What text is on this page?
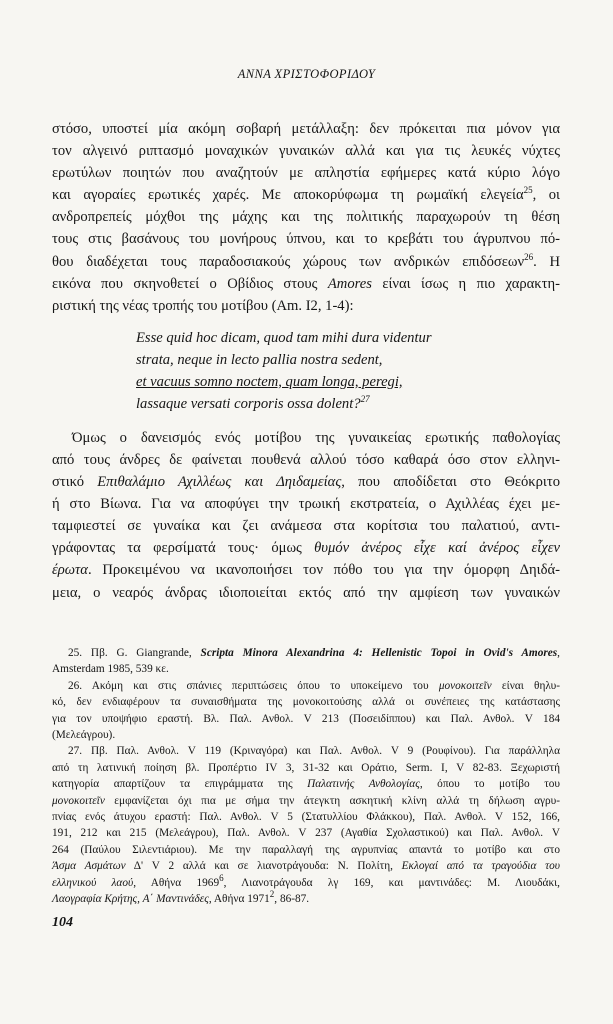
ΑΝΝΑ ΧΡΙΣΤΟΦΟΡΙΔΟΥ

στόσο, υποστεί μία ακόμη σοβαρή μετάλλαξη: δεν πρόκειται πια μόνον για
τον αλγεινό ριπτασμό μοναχικών γυναικών αλλά και για τις λευκές νύχτες
ερωτύλων ποιητών που αναζητούν με απληστία εφήμερες κατά κύριο λόγο
και αγοραίες ερωτικές χαρές. Με αποκορύφωμα τη ρωμαϊκή ελεγεία$^{25}$, οι
ανδροπρεπείς μόχθοι της μάχης και της πολιτικής παραχωρούν τη θέση
τους στις βασάνους του μονήρους ύπνου, και το κρεβάτι του άγρυπνου πό-
θου διαδέχεται τους παραδοσιακούς χώρους των ανδρικών επιδόσεων$^{26}$. Η
εικόνα που σκηνοθετεί ο Οβίδιος στους Amores είναι ίσως η πιο χαρακτη-
ριστική της νέας τροπής του μοτίβου (Am. I2, 1-4):

Esse quid hoc dicam, quod tam mihi dura videntur
strata, neque in lecto pallia nostra sedent,
et vacuus somno noctem, quam longa, peregi,
lassaque versati corporis ossa dolent?$^{27}$

Όμως ο δανεισμός ενός μοτίβου της γυναικείας ερωτικής παθολογίας
από τους άνδρες δε φαίνεται πουθενά αλλού τόσο καθαρά όσο στον ελληνι-
στικό Επιθαλάμιο Αχιλλέως και Δηιδαμείας, που αποδίδεται στο Θεόκριτο
ή στο Βίωνα. Για να αποφύγει την τρωική εκστρατεία, ο Αχιλλέας έχει με-
ταμφιεστεί σε γυναίκα και ζει ανάμεσα στα κορίτσια του παλατιού, αντι-
γράφοντας τα φερσίματά τους· όμως θυμόν ἀνέρος εἶχε καί ἀνέρος εἶχεν
έρωτα. Προκειμένου να ικανοποιήσει τον πόθο του για την όμορφη Δηιδά-
μεια, ο νεαρός άνδρας ιδιοποιείται εκτός από την αμφίεση των γυναικών

25. Πβ. G. Giangrande, Scripta Minora Alexandrina 4: Hellenistic Topoi in Ovid's Amores,
Amsterdam 1985, 539 κε.
26. Ακόμη και στις σπάνιες περιπτώσεις όπου το υποκείμενο του μονοκοιτεῖν είναι θηλυ-
κό, δεν ενδιαφέρουν τα συναισθήματα της μονοκοιτούσης αλλά οι συνέπειες της κατάστασης
για τον υποψήφιο εραστή. Βλ. Παλ. Ανθολ. V 213 (Ποσειδίππου) και Παλ. Ανθολ. V 184
(Μελεάγρου).
27. Πβ. Παλ. Ανθολ. V 119 (Κριναγόρα) και Παλ. Ανθολ. V 9 (Ρουφίνου). Για παράλληλα
από τη λατινική ποίηση βλ. Προπέρτιο IV 3, 31-32 και Οράτιο, Serm. I, V 82-83. Ξεχωριστή
κατηγορία απαρτίζουν τα επιγράμματα της Παλατινής Ανθολογίας, όπου το μοτίβο του
μονοκοιτεῖν εμφανίζεται όχι πια με σήμα την άτεγκτη ασκητική κλίνη αλλά τη δήλωση αγρυ-
πνίας ενός άτυχου εραστή: Παλ. Ανθολ. V 5 (Στατυλλίου Φλάκκου), Παλ. Ανθολ. V 152, 166,
191, 212 και 215 (Μελεάγρου), Παλ. Ανθολ. V 237 (Αγαθία Σχολαστικού) και Παλ. Ανθολ. V
264 (Παύλου Σιλεντιάριου). Με την παραλλαγή της αγρυπνίας απαντά το μοτίβο και στο
Άσμα Ασμάτων Δ' V 2 αλλά και σε λιανοτράγουδα: Ν. Πολίτη, Εκλογαί από τα τραγούδια του
ελληνικού λαού, Αθήνα 1969$^6$, Λιανοτράγουδα λγ 169, και μαντινάδες: Μ. Λιουδάκι,
Λαογραφία Κρήτης, Α΄ Μαντινάδες, Αθήνα 1971$^2$, 86-87.
104
